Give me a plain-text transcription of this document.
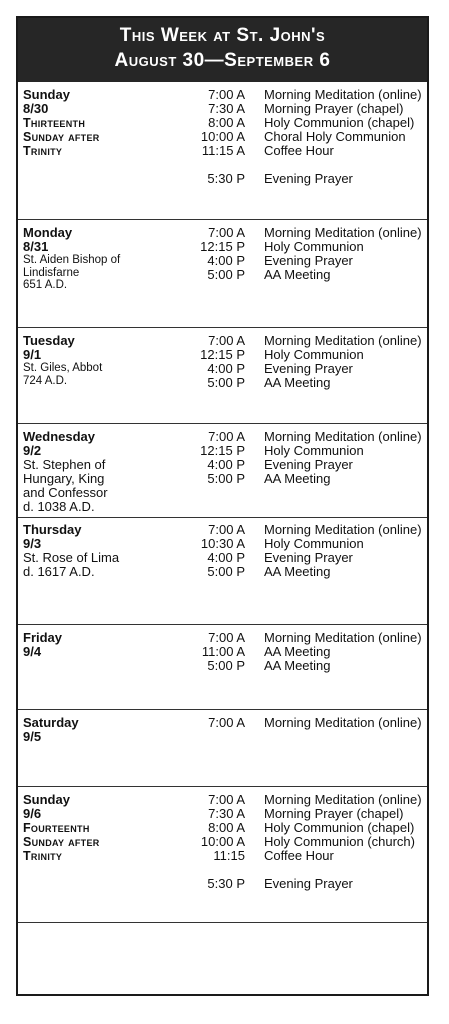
This Week at St. John's
August 30—September 6
Sunday
8/30
Thirteenth
Sunday after
Trinity
7:00 A Morning Meditation (online)
7:30 A Morning Prayer (chapel)
8:00 A Holy Communion (chapel)
10:00 A Choral Holy Communion
11:15 A Coffee Hour
5:30 P Evening Prayer
Monday
8/31
St. Aiden Bishop of
Lindisfarne
651 A.D.
7:00 A Morning Meditation (online)
12:15 P Holy Communion
4:00 P Evening Prayer
5:00 P AA Meeting
Tuesday
9/1
St. Giles, Abbot
724 A.D.
7:00 A Morning Meditation (online)
12:15 P Holy Communion
4:00 P Evening Prayer
5:00 P AA Meeting
Wednesday
9/2
St. Stephen of
Hungary, King
and Confessor
d. 1038 A.D.
7:00 A Morning Meditation (online)
12:15 P Holy Communion
4:00 P Evening Prayer
5:00 P AA Meeting
Thursday
9/3
St. Rose of Lima
d. 1617 A.D.
7:00 A Morning Meditation (online)
10:30 A Holy Communion
4:00 P Evening Prayer
5:00 P AA Meeting
Friday
9/4
7:00 A Morning Meditation (online)
11:00 A AA Meeting
5:00 P AA Meeting
Saturday
9/5
7:00 A Morning Meditation (online)
Sunday
9/6
Fourteenth
Sunday after
Trinity
7:00 A Morning Meditation (online)
7:30 A Morning Prayer (chapel)
8:00 A Holy Communion (chapel)
10:00 A Holy Communion (church)
11:15 Coffee Hour
5:30 P Evening Prayer
